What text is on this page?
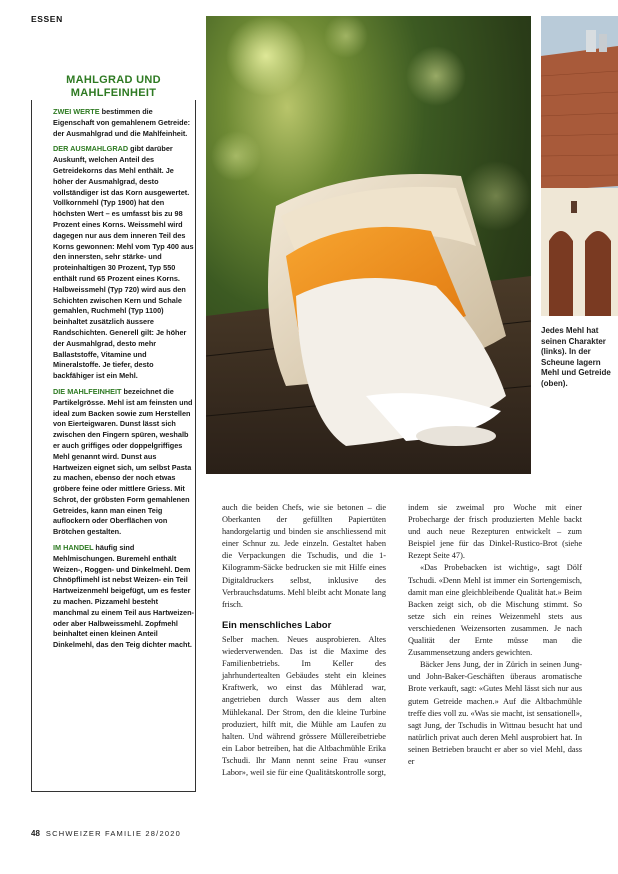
ESSEN
MAHLGRAD UND
MAHLFEINHEIT

ZWEI WERTE bestimmen die Eigenschaft von gemahlenem Getreide: der Ausmahlgrad und die Mahlfeinheit.

DER AUSMAHLGRAD gibt darüber Auskunft, welchen Anteil des Getreidekorns das Mehl enthält. Je höher der Ausmahlgrad, desto vollständiger ist das Korn ausgewertet. Vollkornmehl (Typ 1900) hat den höchsten Wert – es umfasst bis zu 98 Prozent eines Korns. Weissmehl wird dagegen nur aus dem inneren Teil des Korns gewonnen: Mehl vom Typ 400 aus den innersten, sehr stärke- und proteinhaltigen 30 Prozent, Typ 550 enthält rund 65 Prozent eines Korns. Halbweissmehl (Typ 720) wird aus den Schichten zwischen Kern und Schale gemahlen, Ruchmehl (Typ 1100) beinhaltet zusätzlich äussere Randschichten. Generell gilt: Je höher der Ausmahlgrad, desto mehr Ballaststoffe, Vitamine und Mineralstoffe. Je tiefer, desto backfähiger ist ein Mehl.

DIE MAHLFEINHEIT bezeichnet die Partikelgrösse. Mehl ist am feinsten und ideal zum Backen sowie zum Herstellen von Eierteigwaren. Dunst lässt sich zwischen den Fingern spüren, weshalb er auch griffiges oder doppelgriffiges Mehl genannt wird. Dunst aus Hartweizen eignet sich, um selbst Pasta zu machen, ebenso der noch etwas gröbere feine oder mittlere Griess. Mit Schrot, der gröbsten Form gemahlenen Getreides, kann man einen Teig auflockern oder Oberflächen von Brötchen gestalten.

IM HANDEL häufig sind Mehlmischungen. Buremehl enthält Weizen-, Roggen- und Dinkelmehl. Dem Chnöpflimehl ist nebst Weizen- ein Teil Hartweizenmehl beigefügt, um es fester zu machen. Pizzamehl besteht manchmal zu einem Teil aus Hartweizen- oder aber Halbweissmehl. Zopfmehl beinhaltet einen kleinen Anteil Dinkelmehl, das den Teig dichter macht.

Jedes Mehl hat seinen Charakter (links). In der Scheune lagern Mehl und Getreide (oben).

auch die beiden Chefs, wie sie betonen – die Oberkanten der gefüllten Papiertüten handorgelartig und binden sie anschliessend mit einer Schnur zu. Jede einzeln. Gestaltet haben die Verpackungen die Tschudis, und die 1-Kilogramm-Säcke bedrucken sie mit Hilfe eines Digitaldruckers selbst, inklusive des Verbrauchsdatums. Mehl bleibt acht Monate lang frisch.

Ein menschliches Labor

Selber machen. Neues ausprobieren. Altes wiederverwenden. Das ist die Maxime des Familienbetriebs. Im Keller des jahrhundertealten Gebäudes steht ein kleines Kraftwerk, wo einst das Mühlerad war, angetrieben durch Wasser aus dem alten Mühlekanal. Der Strom, den die kleine Turbine produziert, hilft mit, die Mühle am Laufen zu halten. Und während grössere Müllereibetriebe ein Labor betreiben, hat die Altbachmühle Erika Tschudi. Ihr Mann nennt seine Frau «unser Labor», weil sie für eine Qualitätskontrolle sorgt,

indem sie zweimal pro Woche mit einer Probecharge der frisch produzierten Mehle backt und auch neue Rezepturen entwickelt – zum Beispiel jene für das Dinkel-Rustico-Brot (siehe Rezept Seite 47).

«Das Probebacken ist wichtig», sagt Dölf Tschudi. «Denn Mehl ist immer ein Sortengemisch, damit man eine gleichbleibende Qualität hat.» Beim Backen zeigt sich, ob die Mischung stimmt. So setze sich ein reines Weizenmehl stets aus verschiedenen Weizensorten zusammen. Je nach Qualität der Ernte müsse man die Zusammensetzung anders gewichten.

Bäcker Jens Jung, der in Zürich in seinen Jung- und John-Baker-Geschäften überaus aromatische Brote verkauft, sagt: «Gutes Mehl lässt sich nur aus gutem Getreide machen.» Auf die Altbachmühle treffe dies voll zu. «Was sie macht, ist sensationell», sagt Jung, der Tschudis in Wittnau besucht hat und natürlich privat auch deren Mehl ausprobiert hat. In seinen Betrieben braucht er aber so viel Mehl, dass er

48 SCHWEIZER FAMILIE 28/2020
